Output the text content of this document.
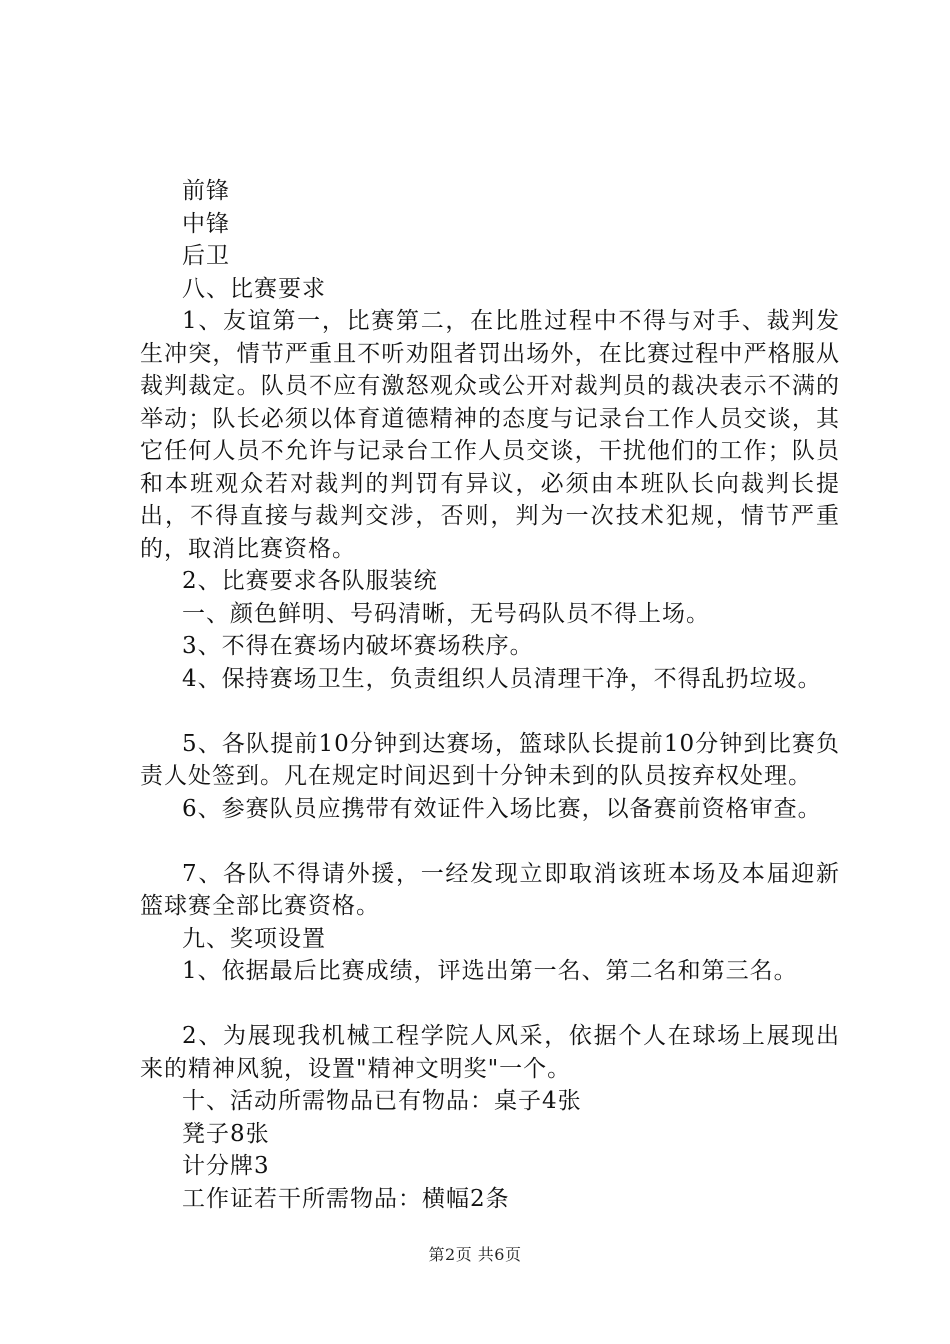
前锋

中锋

后卫

八、比赛要求

1、友谊第一，比赛第二，在比胜过程中不得与对手、裁判发生冲突，情节严重且不听劝阻者罚出场外，在比赛过程中严格服从裁判裁定。队员不应有激怒观众或公开对裁判员的裁决表示不满的举动；队长必须以体育道德精神的态度与记录台工作人员交谈，其它任何人员不允许与记录台工作人员交谈，干扰他们的工作；队员和本班观众若对裁判的判罚有异议，必须由本班队长向裁判长提出，不得直接与裁判交涉，否则，判为一次技术犯规，情节严重的，取消比赛资格。

2、比赛要求各队服装统

一、颜色鲜明、号码清晰，无号码队员不得上场。

3、不得在赛场内破坏赛场秩序。

4、保持赛场卫生，负责组织人员清理干净，不得乱扔垃圾。

5、各队提前10分钟到达赛场，篮球队长提前10分钟到比赛负责人处签到。凡在规定时间迟到十分钟未到的队员按弃权处理。

6、参赛队员应携带有效证件入场比赛，以备赛前资格审查。

7、各队不得请外援，一经发现立即取消该班本场及本届迎新篮球赛全部比赛资格。

九、奖项设置

1、依据最后比赛成绩，评选出第一名、第二名和第三名。

2、为展现我机械工程学院人风采，依据个人在球场上展现出来的精神风貌，设置"精神文明奖"一个。

十、活动所需物品已有物品：桌子4张

凳子8张

计分牌3

工作证若干所需物品：横幅2条

第2页 共6页
